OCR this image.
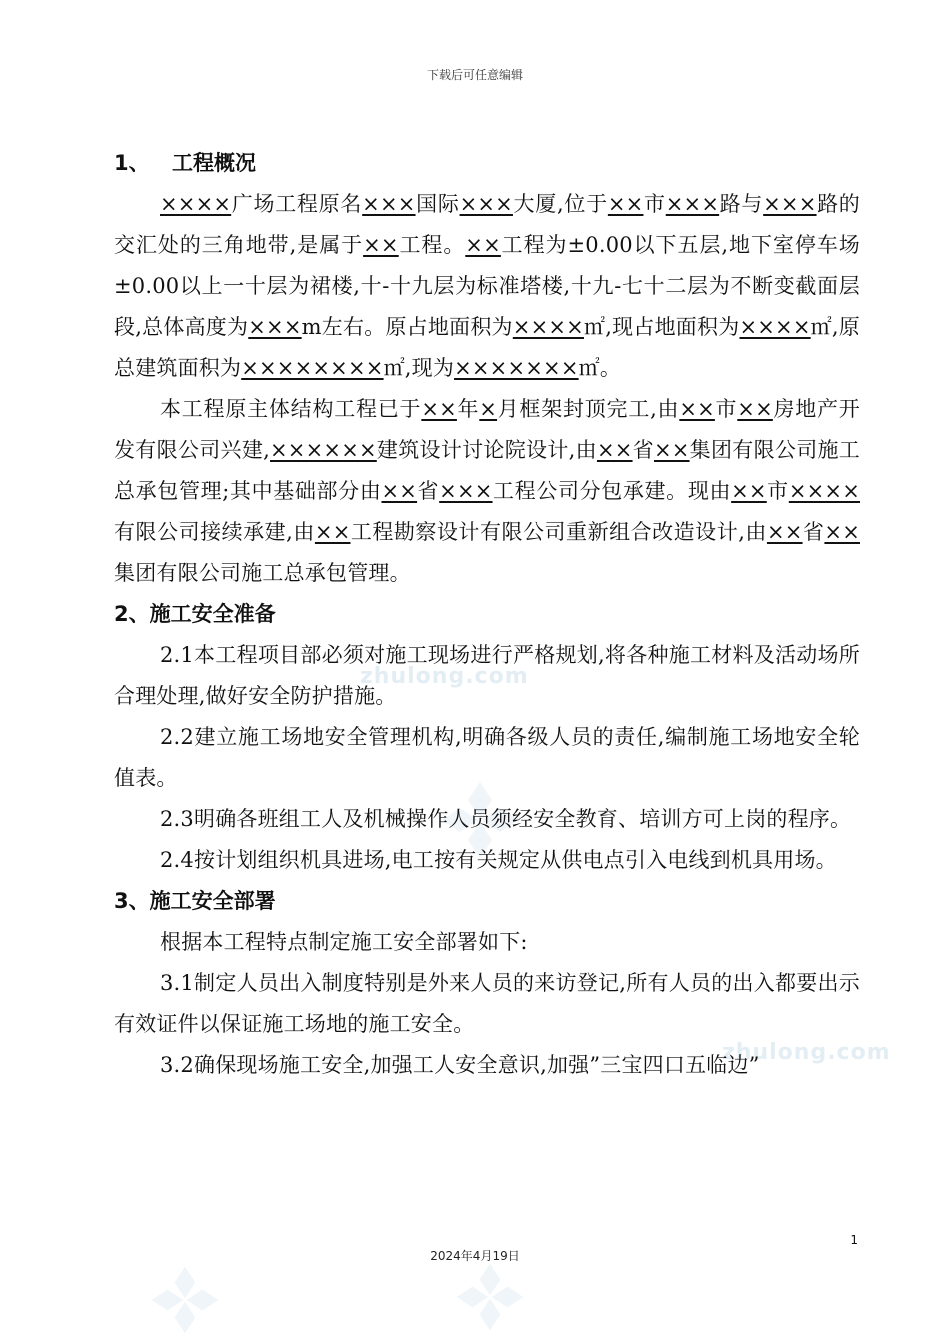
zhulong.com
zhulong.com
下载后可任意编辑
1、 工程概况
××××广场工程原名×××国际×××大厦,位于××市×××路与×××路的交汇处的三角地带,是属于××工程。××工程为±0.00以下五层,地下室停车场±0.00以上一十层为裙楼,十-十九层为标准塔楼,十九-七十二层为不断变截面层段,总体高度为×××m左右。原占地面积为××××㎡,现占地面积为××××㎡,原总建筑面积为××××××××㎡,现为×××××××㎡。
本工程原主体结构工程已于××年×月框架封顶完工,由××市××房地产开发有限公司兴建,××××××建筑设计讨论院设计,由××省××集团有限公司施工总承包管理;其中基础部分由××省×××工程公司分包承建。现由××市××××有限公司接续承建,由××工程勘察设计有限公司重新组合改造设计,由××省××集团有限公司施工总承包管理。
2、施工安全准备
2.1本工程项目部必须对施工现场进行严格规划,将各种施工材料及活动场所合理处理,做好安全防护措施。
2.2建立施工场地安全管理机构,明确各级人员的责任,编制施工场地安全轮值表。
2.3明确各班组工人及机械操作人员须经安全教育、培训方可上岗的程序。
2.4按计划组织机具进场,电工按有关规定从供电点引入电线到机具用场。
3、施工安全部署
根据本工程特点制定施工安全部署如下:
3.1制定人员出入制度特别是外来人员的来访登记,所有人员的出入都要出示有效证件以保证施工场地的施工安全。
3.2确保现场施工安全,加强工人安全意识,加强”三宝四口五临边”
1
2024年4月19日
